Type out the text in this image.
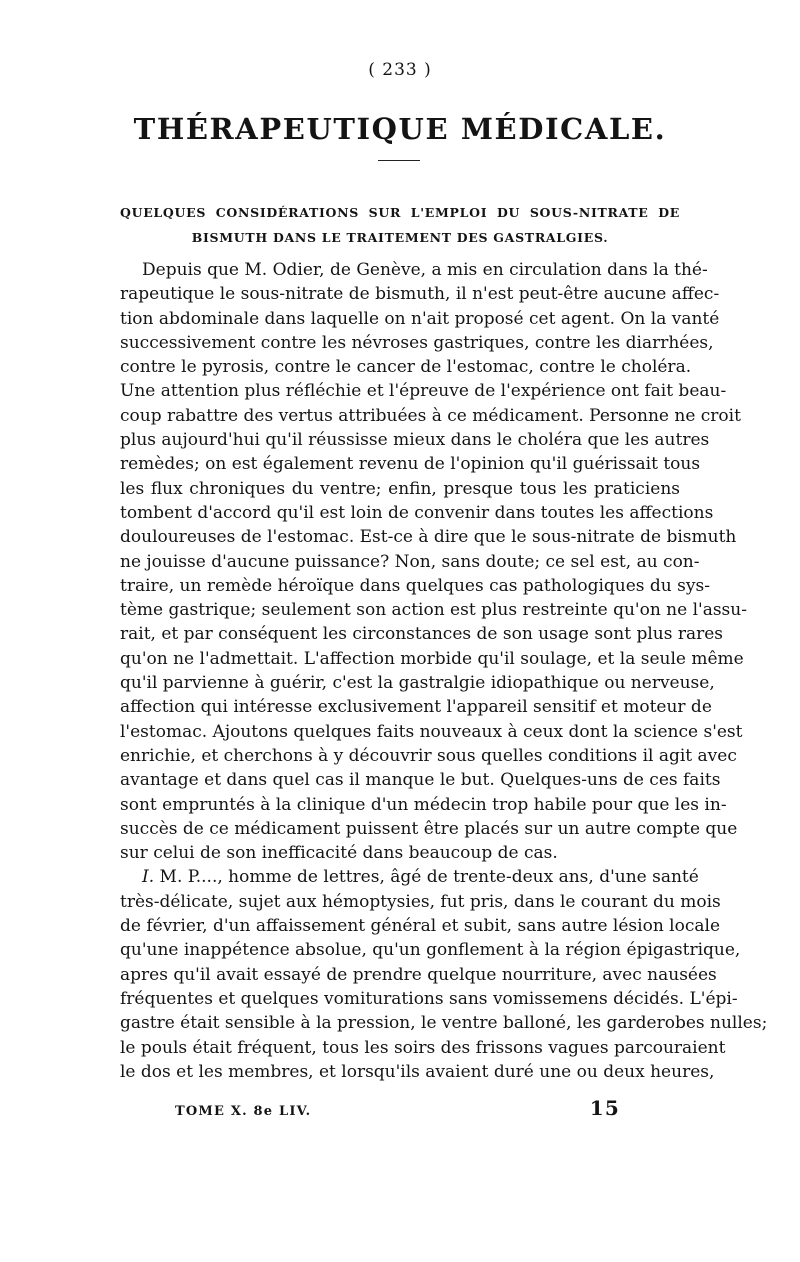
( 233 )
THÉRAPEUTIQUE MÉDICALE.
QUELQUES CONSIDÉRATIONS SUR L'EMPLOI DU SOUS-NITRATE DE
BISMUTH DANS LE TRAITEMENT DES GASTRALGIES.
Depuis que M. Odier, de Genève, a mis en circulation dans la thé-
rapeutique le sous-nitrate de bismuth, il n'est peut-être aucune affec-
tion abdominale dans laquelle on n'ait proposé cet agent. On la vanté
successivement contre les névroses gastriques, contre les diarrhées,
contre le pyrosis, contre le cancer de l'estomac, contre le choléra.
Une attention plus réfléchie et l'épreuve de l'expérience ont fait beau-
coup rabattre des vertus attribuées à ce médicament. Personne ne croit
plus aujourd'hui qu'il réussisse mieux dans le choléra que les autres
remèdes; on est également revenu de l'opinion qu'il guérissait tous
les flux chroniques du ventre; enfin, presque tous les praticiens
tombent d'accord qu'il est loin de convenir dans toutes les affections
douloureuses de l'estomac. Est-ce à dire que le sous-nitrate de bismuth
ne jouisse d'aucune puissance? Non, sans doute; ce sel est, au con-
traire, un remède héroïque dans quelques cas pathologiques du sys-
tème gastrique; seulement son action est plus restreinte qu'on ne l'assu-
rait, et par conséquent les circonstances de son usage sont plus rares
qu'on ne l'admettait. L'affection morbide qu'il soulage, et la seule même
qu'il parvienne à guérir, c'est la gastralgie idiopathique ou nerveuse,
affection qui intéresse exclusivement l'appareil sensitif et moteur de
l'estomac. Ajoutons quelques faits nouveaux à ceux dont la science s'est
enrichie, et cherchons à y découvrir sous quelles conditions il agit avec
avantage et dans quel cas il manque le but. Quelques-uns de ces faits
sont empruntés à la clinique d'un médecin trop habile pour que les in-
succès de ce médicament puissent être placés sur un autre compte que
sur celui de son inefficacité dans beaucoup de cas.
I. M. P...., homme de lettres, âgé de trente-deux ans, d'une santé
très-délicate, sujet aux hémoptysies, fut pris, dans le courant du mois
de février, d'un affaissement général et subit, sans autre lésion locale
qu'une inappétence absolue, qu'un gonflement à la région épigastrique,
apres qu'il avait essayé de prendre quelque nourriture, avec nausées
fréquentes et quelques vomiturations sans vomissemens décidés. L'épi-
gastre était sensible à la pression, le ventre balloné, les garderobes nulles;
le pouls était fréquent, tous les soirs des frissons vagues parcouraient
le dos et les membres, et lorsqu'ils avaient duré une ou deux heures,
TOME X. 8e LIV.	15
